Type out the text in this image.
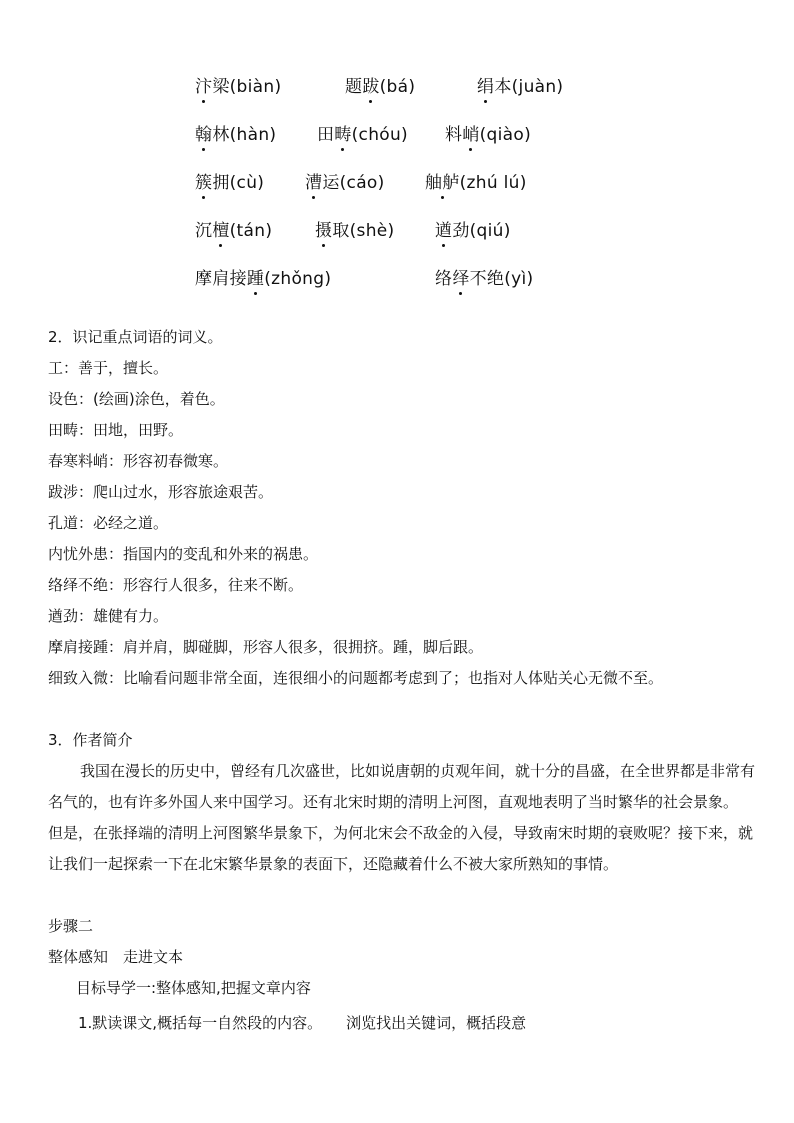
汴梁(biàn)	题跋(bá)	绢本(juàn)
翰林(hàn) 田畴(chóu) 料峭(qiào)
簇拥(cù) 漕运(cáo) 舳舻(zhú lú)
沉檀(tán)	摄取(shè) 遒劲(qiú)
摩肩接踵(zhǒng)	络绎不绝(yì)
2．识记重点词语的词义。
工：善于，擅长。
设色：(绘画)涂色，着色。
田畴：田地，田野。
春寒料峭：形容初春微寒。
跋涉：爬山过水，形容旅途艰苦。
孔道：必经之道。
内忧外患：指国内的变乱和外来的祸患。
络绎不绝：形容行人很多，往来不断。
遒劲：雄健有力。
摩肩接踵：肩并肩，脚碰脚，形容人很多，很拥挤。踵，脚后跟。
细致入微：比喻看问题非常全面，连很细小的问题都考虑到了；也指对人体贴关心无微不至。
3．作者简介
我国在漫长的历史中，曾经有几次盛世，比如说唐朝的贞观年间，就十分的昌盛，在全世界都是非常有名气的，也有许多外国人来中国学习。还有北宋时期的清明上河图，直观地表明了当时繁华的社会景象。　　但是，在张择端的清明上河图繁华景象下，为何北宋会不敌金的入侵，导致南宋时期的衰败呢？接下来，就让我们一起探索一下在北宋繁华景象的表面下，还隐藏着什么不被大家所熟知的事情。
步骤二
整体感知　走进文本
目标导学一:整体感知,把握文章内容
1.默读课文,概括每一自然段的内容。 浏览找出关键词，概括段意
